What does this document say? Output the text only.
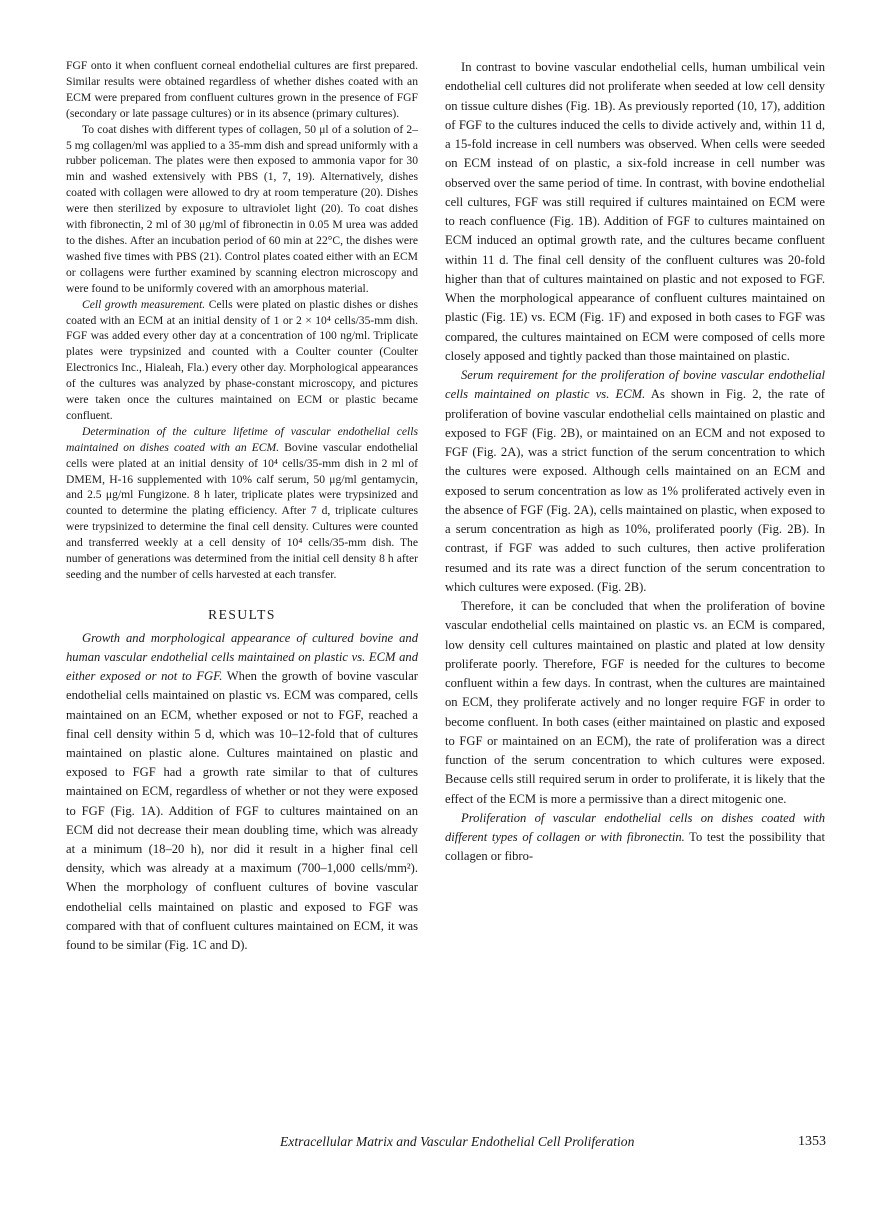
FGF onto it when confluent corneal endothelial cultures are first prepared. Similar results were obtained regardless of whether dishes coated with an ECM were prepared from confluent cultures grown in the presence of FGF (secondary or late passage cultures) or in its absence (primary cultures).

To coat dishes with different types of collagen, 50 μl of a solution of 2–5 mg collagen/ml was applied to a 35-mm dish and spread uniformly with a rubber policeman. The plates were then exposed to ammonia vapor for 30 min and washed extensively with PBS (1, 7, 19). Alternatively, dishes coated with collagen were allowed to dry at room temperature (20). Dishes were then sterilized by exposure to ultraviolet light (20). To coat dishes with fibronectin, 2 ml of 30 μg/ml of fibronectin in 0.05 M urea was added to the dishes. After an incubation period of 60 min at 22°C, the dishes were washed five times with PBS (21). Control plates coated either with an ECM or collagens were further examined by scanning electron microscopy and were found to be uniformly covered with an amorphous material.

Cell growth measurement. Cells were plated on plastic dishes or dishes coated with an ECM at an initial density of 1 or 2 × 10⁴ cells/35-mm dish. FGF was added every other day at a concentration of 100 ng/ml. Triplicate plates were trypsinized and counted with a Coulter counter (Coulter Electronics Inc., Hialeah, Fla.) every other day. Morphological appearances of the cultures was analyzed by phase-constant microscopy, and pictures were taken once the cultures maintained on ECM or plastic became confluent.

Determination of the culture lifetime of vascular endothelial cells maintained on dishes coated with an ECM. Bovine vascular endothelial cells were plated at an initial density of 10⁴ cells/35-mm dish in 2 ml of DMEM, H-16 supplemented with 10% calf serum, 50 μg/ml gentamycin, and 2.5 μg/ml Fungizone. 8 h later, triplicate plates were trypsinized and counted to determine the plating efficiency. After 7 d, triplicate cultures were trypsinized to determine the final cell density. Cultures were counted and transferred weekly at a cell density of 10⁴ cells/35-mm dish. The number of generations was determined from the initial cell density 8 h after seeding and the number of cells harvested at each transfer.

RESULTS

Growth and morphological appearance of cultured bovine and human vascular endothelial cells maintained on plastic vs. ECM and either exposed or not to FGF. When the growth of bovine vascular endothelial cells maintained on plastic vs. ECM was compared, cells maintained on an ECM, whether exposed or not to FGF, reached a final cell density within 5 d, which was 10–12-fold that of cultures maintained on plastic alone. Cultures maintained on plastic and exposed to FGF had a growth rate similar to that of cultures maintained on ECM, regardless of whether or not they were exposed to FGF (Fig. 1A). Addition of FGF to cultures maintained on an ECM did not decrease their mean doubling time, which was already at a minimum (18–20 h), nor did it result in a higher final cell density, which was already at a maximum (700–1,000 cells/mm²). When the morphology of confluent cultures of bovine vascular endothelial cells maintained on plastic and exposed to FGF was compared with that of confluent cultures maintained on ECM, it was found to be similar (Fig. 1C and D).

In contrast to bovine vascular endothelial cells, human umbilical vein endothelial cell cultures did not proliferate when seeded at low cell density on tissue culture dishes (Fig. 1B). As previously reported (10, 17), addition of FGF to the cultures induced the cells to divide actively and, within 11 d, a 15-fold increase in cell numbers was observed. When cells were seeded on ECM instead of on plastic, a six-fold increase in cell number was observed over the same period of time. In contrast, with bovine endothelial cell cultures, FGF was still required if cultures maintained on ECM were to reach confluence (Fig. 1B). Addition of FGF to cultures maintained on ECM induced an optimal growth rate, and the cultures became confluent within 11 d. The final cell density of the confluent cultures was 20-fold higher than that of cultures maintained on plastic and not exposed to FGF. When the morphological appearance of confluent cultures maintained on plastic (Fig. 1E) vs. ECM (Fig. 1F) and exposed in both cases to FGF was compared, the cultures maintained on ECM were composed of cells more closely apposed and tightly packed than those maintained on plastic.

Serum requirement for the proliferation of bovine vascular endothelial cells maintained on plastic vs. ECM. As shown in Fig. 2, the rate of proliferation of bovine vascular endothelial cells maintained on plastic and exposed to FGF (Fig. 2B), or maintained on an ECM and not exposed to FGF (Fig. 2A), was a strict function of the serum concentration to which the cultures were exposed. Although cells maintained on an ECM and exposed to serum concentration as low as 1% proliferated actively even in the absence of FGF (Fig. 2A), cells maintained on plastic, when exposed to a serum concentration as high as 10%, proliferated poorly (Fig. 2B). In contrast, if FGF was added to such cultures, then active proliferation resumed and its rate was a direct function of the serum concentration to which cultures were exposed. (Fig. 2B).

Therefore, it can be concluded that when the proliferation of bovine vascular endothelial cells maintained on plastic vs. an ECM is compared, low density cell cultures maintained on plastic and plated at low density proliferate poorly. Therefore, FGF is needed for the cultures to become confluent within a few days. In contrast, when the cultures are maintained on ECM, they proliferate actively and no longer require FGF in order to become confluent. In both cases (either maintained on plastic and exposed to FGF or maintained on an ECM), the rate of proliferation was a direct function of the serum concentration to which cultures were exposed. Because cells still required serum in order to proliferate, it is likely that the effect of the ECM is more a permissive than a direct mitogenic one.

Proliferation of vascular endothelial cells on dishes coated with different types of collagen or with fibronectin. To test the possibility that collagen or fibro-

Extracellular Matrix and Vascular Endothelial Cell Proliferation	1353
